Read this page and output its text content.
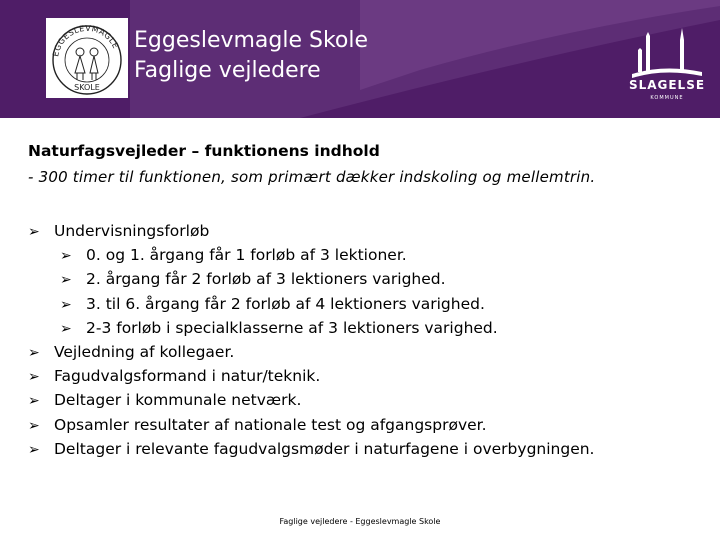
EGGESLEVMAGLE
SKOLE
Eggeslevmagle Skole
Faglige vejledere
SLAGELSE
KOMMUNE
Naturfagsvejleder – funktionens indhold
- 300 timer til funktionen, som primært dækker indskoling og mellemtrin.
➢ Undervisningsforløb
➢ 0. og 1. årgang får 1 forløb af 3 lektioner.
➢ 2. årgang får 2 forløb af 3 lektioners varighed.
➢ 3. til 6. årgang får 2 forløb af 4 lektioners varighed.
➢ 2-3 forløb i specialklasserne af 3 lektioners varighed.
➢ Vejledning af kollegaer.
➢ Fagudvalgsformand i natur/teknik.
➢ Deltager i kommunale netværk.
➢ Opsamler resultater af nationale test og afgangsprøver.
➢ Deltager i relevante fagudvalgsmøder i naturfagene i overbygningen.
Faglige vejledere - Eggeslevmagle Skole
